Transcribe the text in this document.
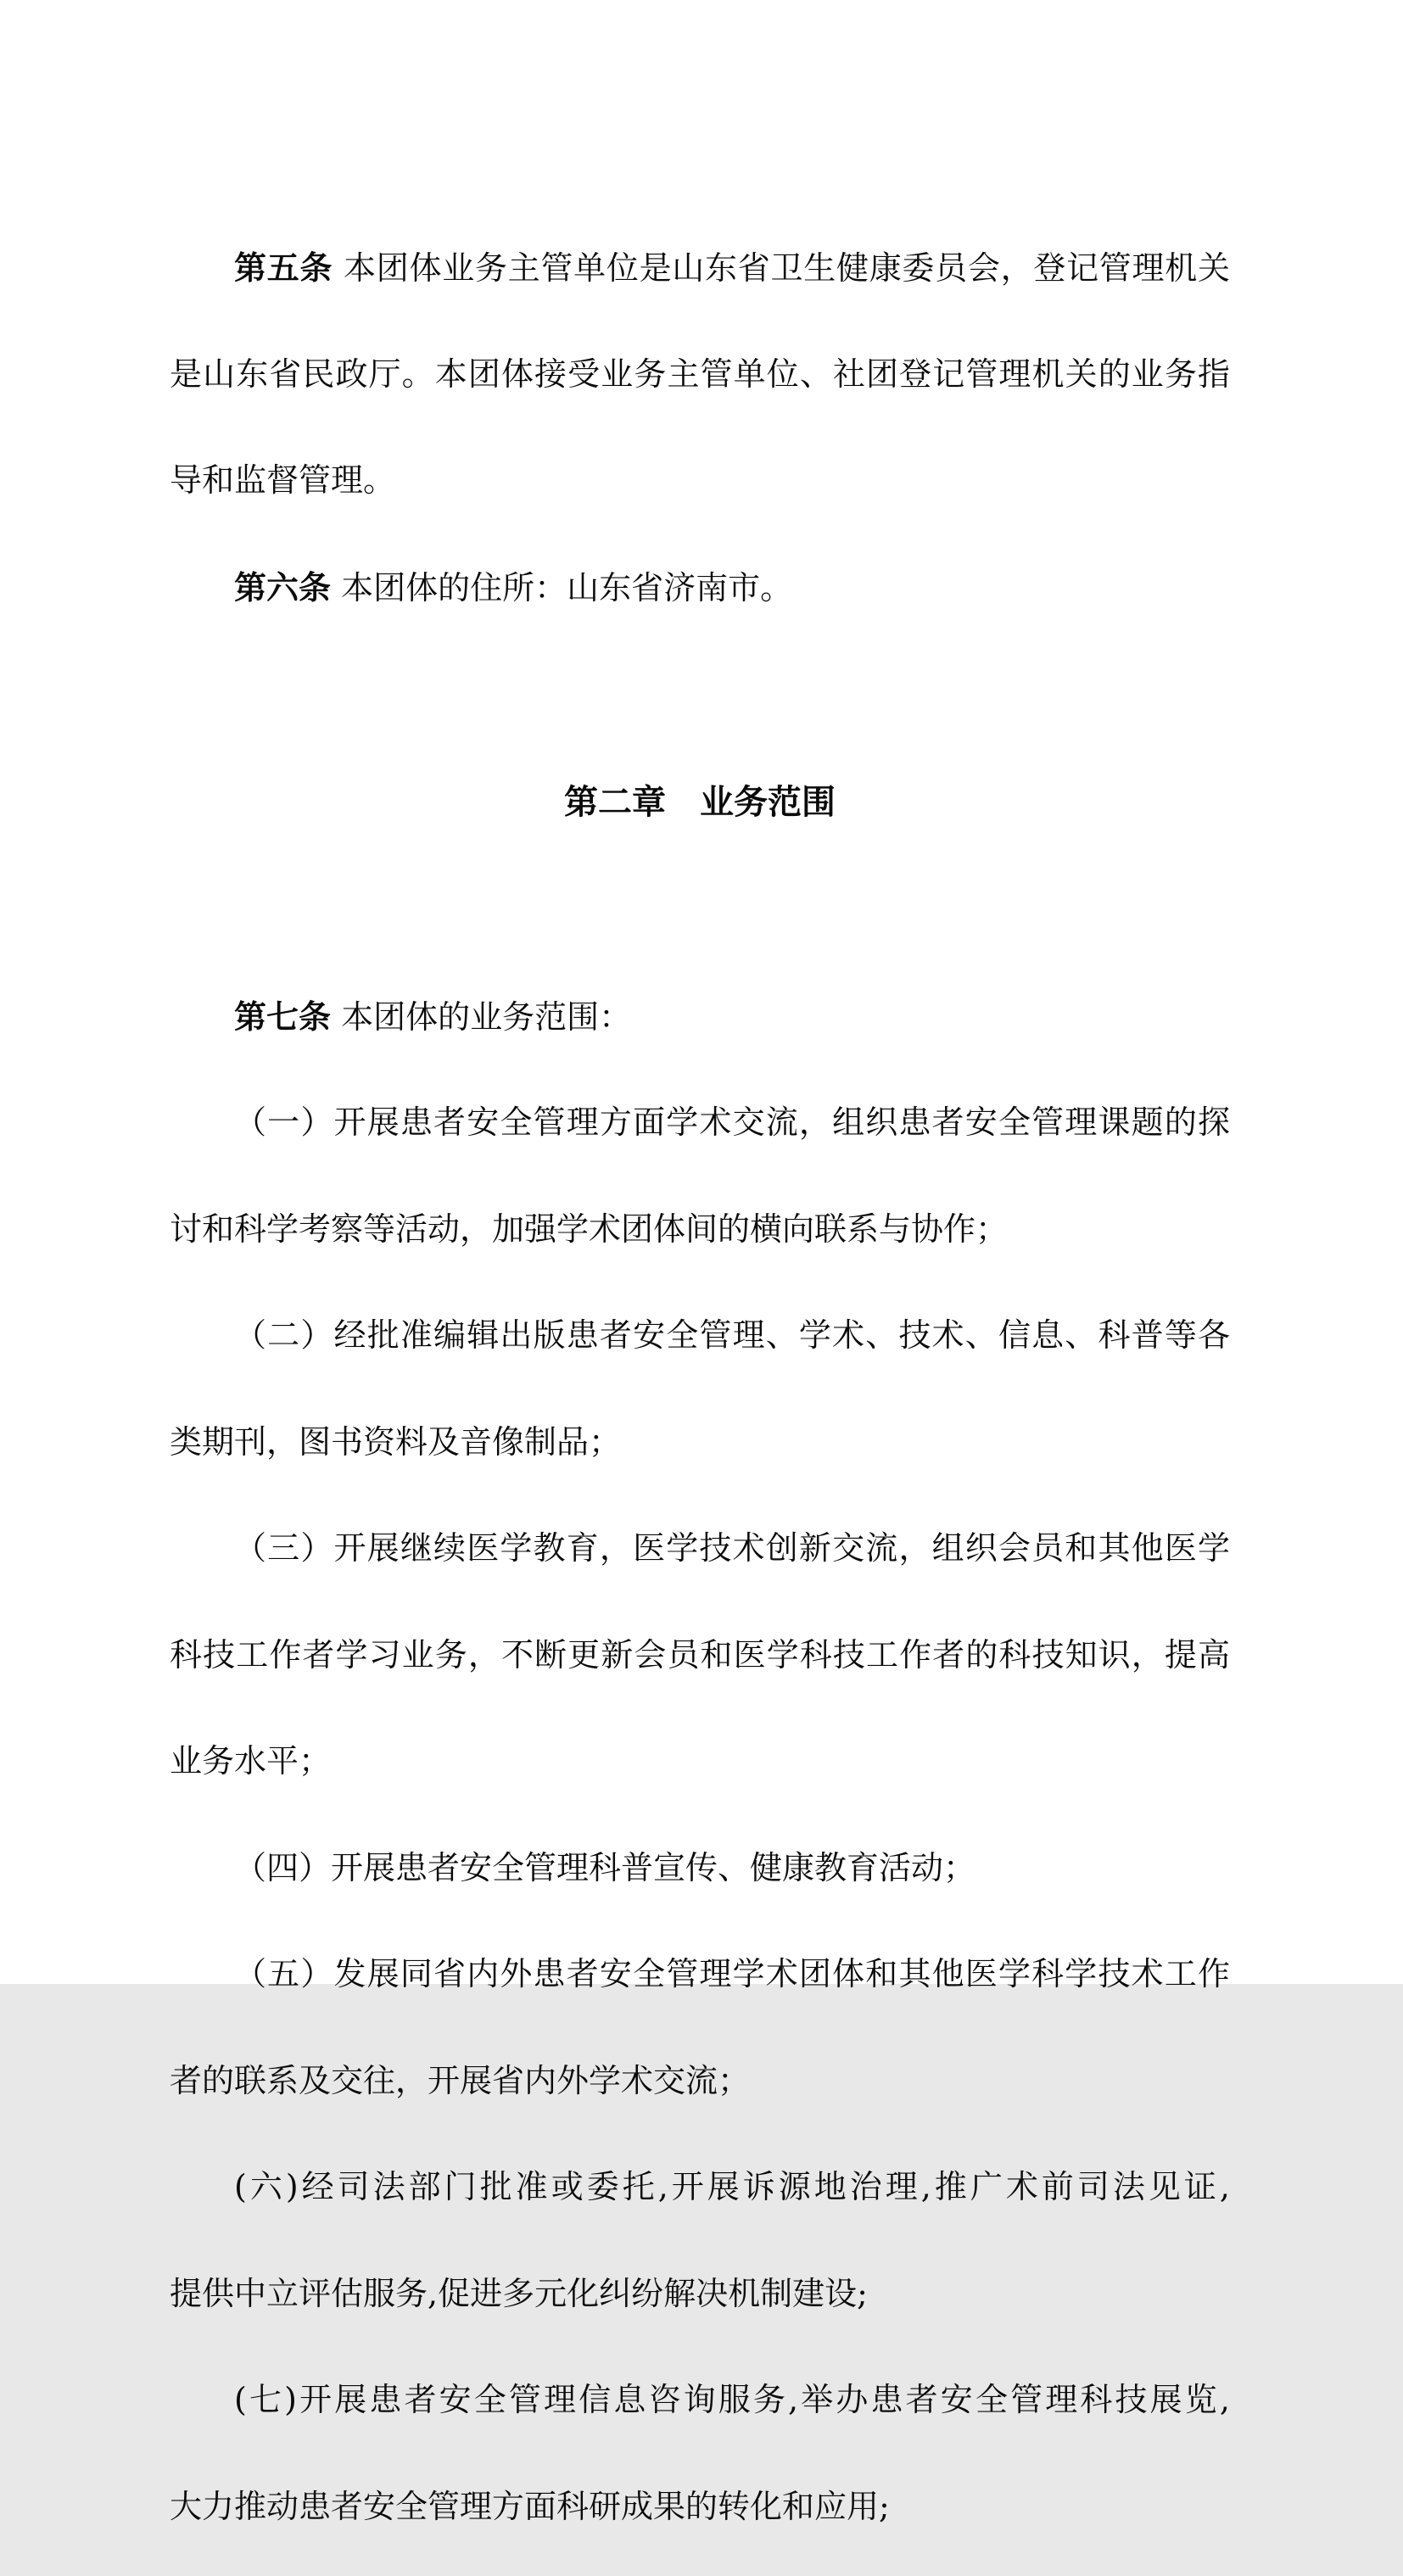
第五条 本团体业务主管单位是山东省卫生健康委员会，登记管理机关

是山东省民政厅。本团体接受业务主管单位、社团登记管理机关的业务指

导和监督管理。

第六条 本团体的住所：山东省济南市。

第二章　业务范围

第七条 本团体的业务范围：

（一）开展患者安全管理方面学术交流，组织患者安全管理课题的探

讨和科学考察等活动，加强学术团体间的横向联系与协作；

（二）经批准编辑出版患者安全管理、学术、技术、信息、科普等各

类期刊，图书资料及音像制品；

（三）开展继续医学教育，医学技术创新交流，组织会员和其他医学

科技工作者学习业务，不断更新会员和医学科技工作者的科技知识，提高

业务水平；

（四）开展患者安全管理科普宣传、健康教育活动；

（五）发展同省内外患者安全管理学术团体和其他医学科学技术工作

者的联系及交往，开展省内外学术交流；

(六)经司法部门批准或委托,开展诉源地治理,推广术前司法见证,

提供中立评估服务,促进多元化纠纷解决机制建设;

(七)开展患者安全管理信息咨询服务,举办患者安全管理科技展览,

大力推动患者安全管理方面科研成果的转化和应用;
